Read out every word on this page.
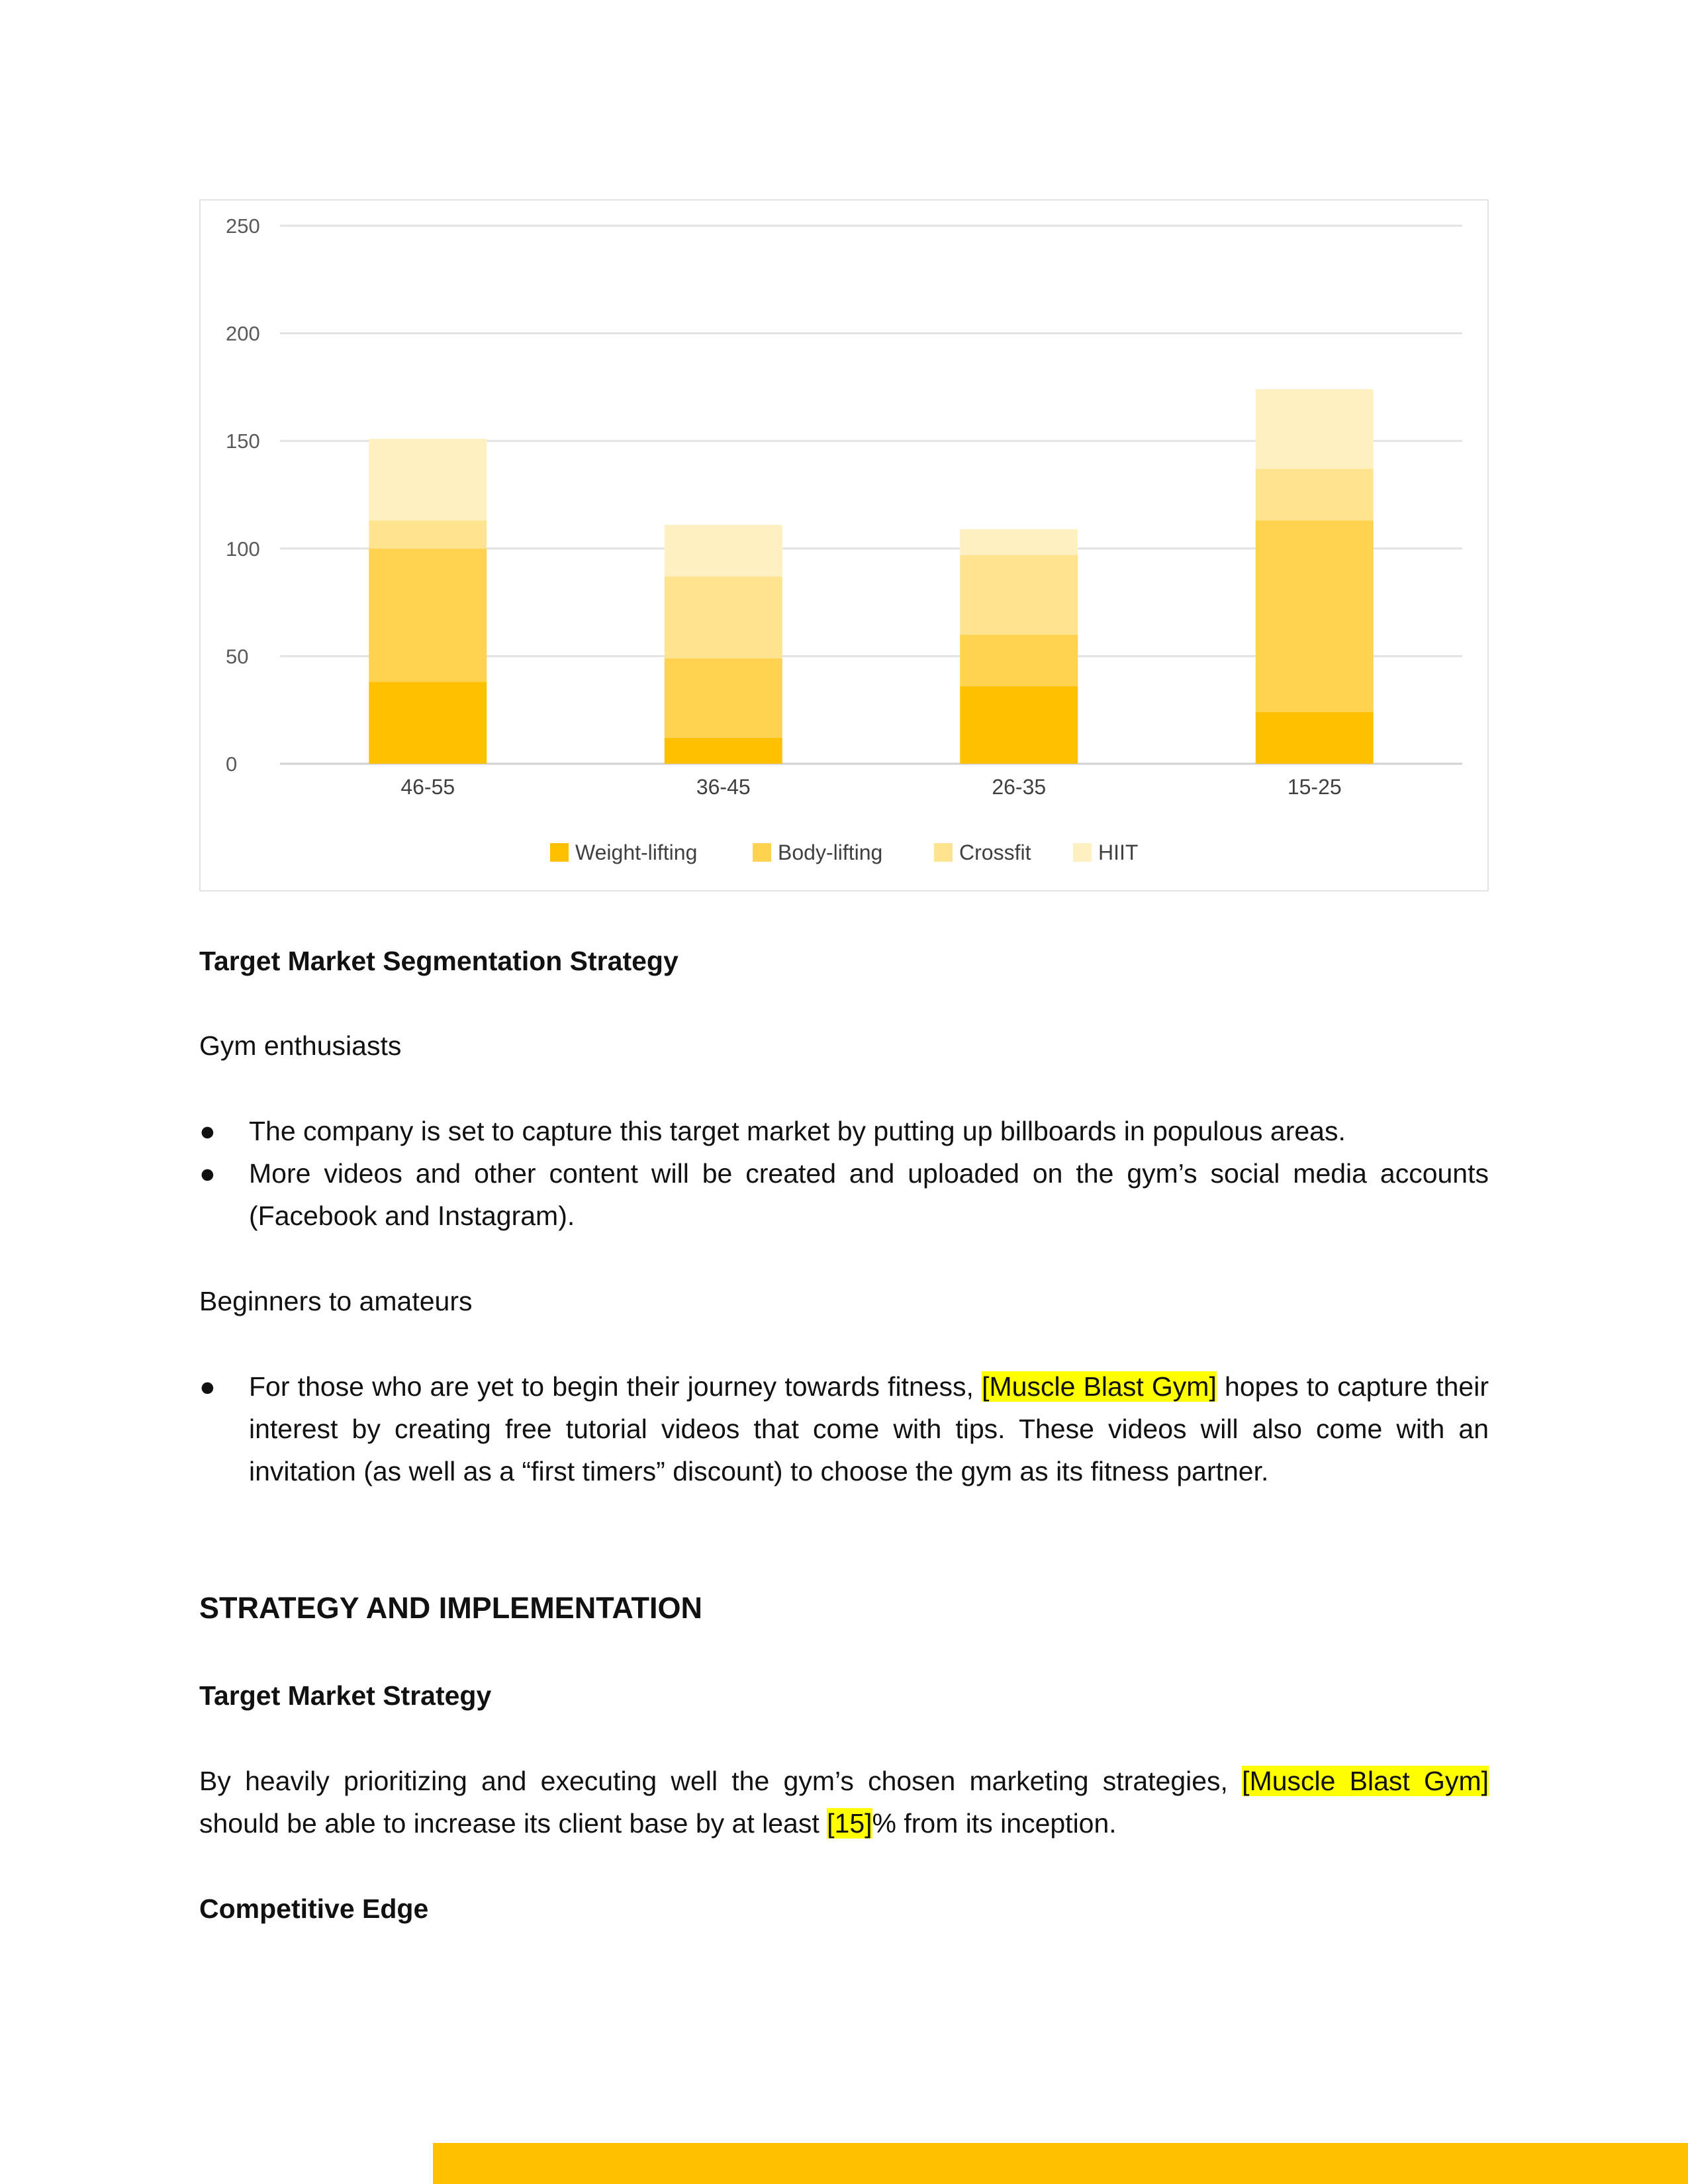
0
50
100
150
200
250
46-55	36-45	26-35	15-25
Weight-lifting	Body-lifting	Crossfit	HIIT
Target Market Segmentation Strategy
Gym enthusiasts
●	The company is set to capture this target market by putting up billboards in populous areas.
●	More videos and other content will be created and uploaded on the gym’s social media accounts (Facebook and Instagram).
Beginners to amateurs
●	For those who are yet to begin their journey towards fitness, [Muscle Blast Gym] hopes to capture their interest by creating free tutorial videos that come with tips. These videos will also come with an invitation (as well as a “first timers” discount) to choose the gym as its fitness partner.
STRATEGY AND IMPLEMENTATION
Target Market Strategy
By heavily prioritizing and executing well the gym’s chosen marketing strategies, [Muscle Blast Gym] should be able to increase its client base by at least [15]% from its inception.
Competitive Edge
